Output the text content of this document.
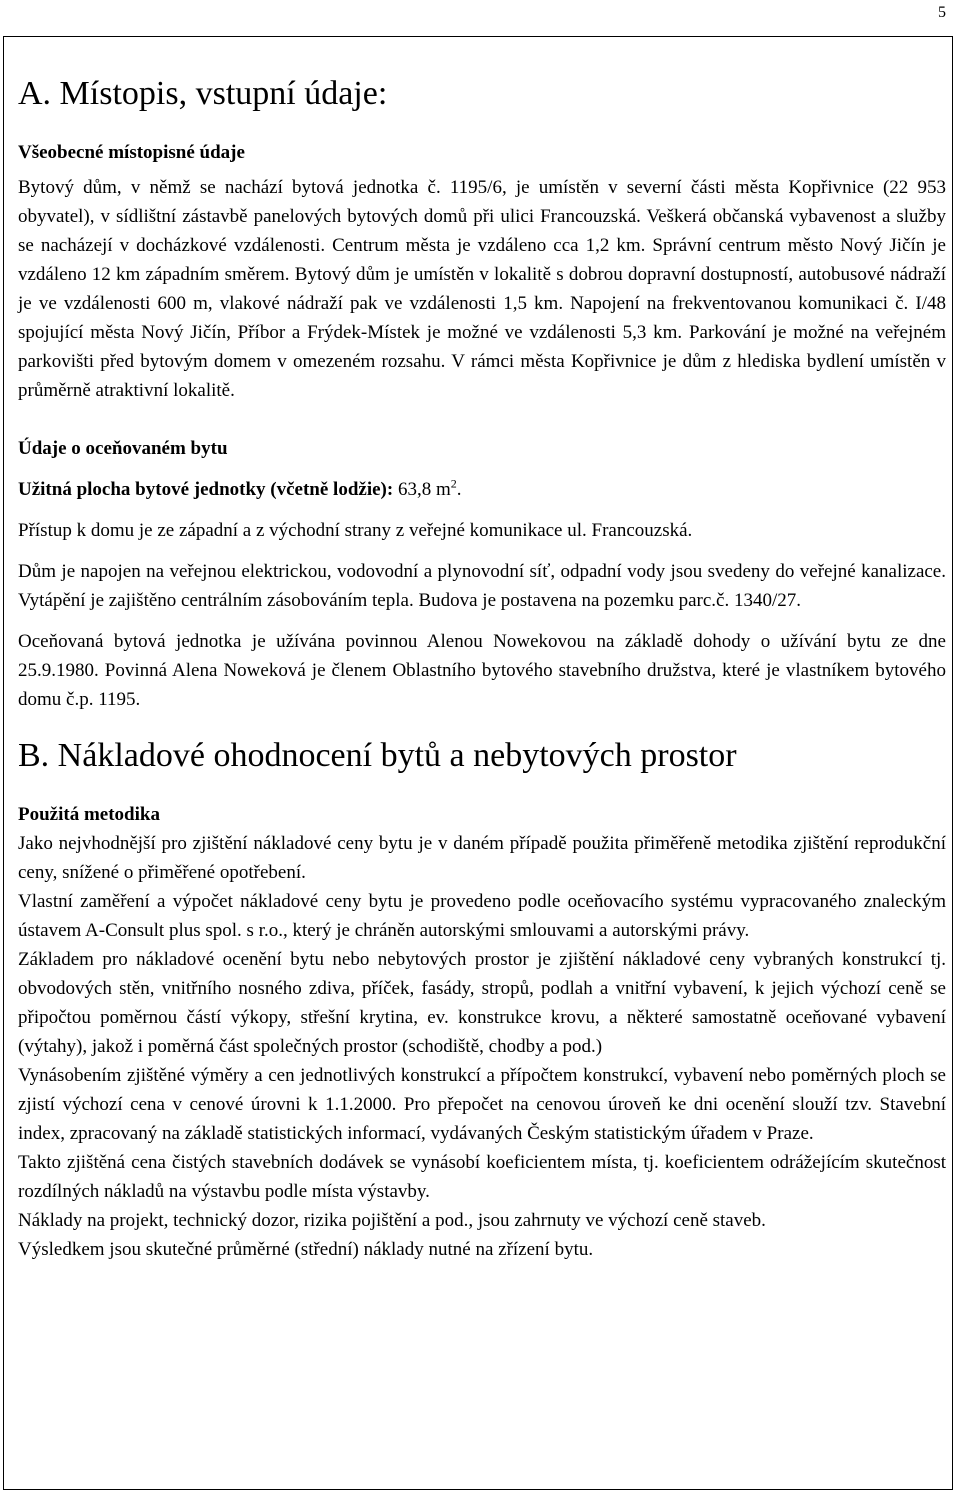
5
A. Místopis, vstupní údaje:

Všeobecné místopisné údaje

Bytový dům, v němž se nachází bytová jednotka č. 1195/6, je umístěn v severní části města Kopřivnice (22 953 obyvatel), v sídlištní zástavbě panelových bytových domů při ulici Francouzská. Veškerá občanská vybavenost a služby se nacházejí v docházkové vzdálenosti. Centrum města je vzdáleno cca 1,2 km. Správní centrum město Nový Jičín je vzdáleno 12 km západním směrem. Bytový dům je umístěn v lokalitě s dobrou dopravní dostupností, autobusové nádraží je ve vzdálenosti 600 m, vlakové nádraží pak ve vzdálenosti 1,5 km. Napojení na frekventovanou komunikaci č. I/48 spojující města Nový Jičín, Příbor a Frýdek-Místek je možné ve vzdálenosti 5,3 km. Parkování je možné na veřejném parkovišti před bytovým domem v omezeném rozsahu. V rámci města Kopřivnice je dům z hlediska bydlení umístěn v průměrně atraktivní lokalitě.

Údaje o oceňovaném bytu

Užitná plocha bytové jednotky (včetně lodžie): 63,8 $m^2$.

Přístup k domu je ze západní a z východní strany z veřejné komunikace ul. Francouzská.

Dům je napojen na veřejnou elektrickou, vodovodní a plynovodní síť, odpadní vody jsou svedeny do veřejné kanalizace. Vytápění je zajištěno centrálním zásobováním tepla. Budova je postavena na pozemku parc.č. 1340/27.

Oceňovaná bytová jednotka je užívána povinnou Alenou Nowekovou na základě dohody o užívání bytu ze dne 25.9.1980. Povinná Alena Noweková je členem Oblastního bytového stavebního družstva, které je vlastníkem bytového domu č.p. 1195.

B. Nákladové ohodnocení bytů a nebytových prostor

Použitá metodika

Jako nejvhodnější pro zjištění nákladové ceny bytu je v daném případě použita přiměřeně metodika zjištění reprodukční ceny, snížené o přiměřené opotřebení.

Vlastní zaměření a výpočet nákladové ceny bytu je provedeno podle oceňovacího systému vypracovaného znaleckým ústavem A-Consult plus spol. s r.o., který je chráněn autorskými smlouvami a autorskými právy.

Základem pro nákladové ocenění bytu nebo nebytových prostor je zjištění nákladové ceny vybraných konstrukcí tj. obvodových stěn, vnitřního nosného zdiva, příček, fasády, stropů, podlah a vnitřní vybavení, k jejich výchozí ceně se připočtou poměrnou částí výkopy, střešní krytina, ev. konstrukce krovu, a některé samostatně oceňované vybavení (výtahy), jakož i poměrná část společných prostor (schodiště, chodby a pod.)

Vynásobením zjištěné výměry a cen jednotlivých konstrukcí a přípočtem konstrukcí, vybavení nebo poměrných ploch se zjistí výchozí cena v cenové úrovni k 1.1.2000. Pro přepočet na cenovou úroveň ke dni ocenění slouží tzv. Stavební index, zpracovaný na základě statistických informací, vydávaných Českým statistickým úřadem v Praze.

Takto zjištěná cena čistých stavebních dodávek se vynásobí koeficientem místa, tj. koeficientem odrážejícím skutečnost rozdílných nákladů na výstavbu podle místa výstavby.

Náklady na projekt, technický dozor, rizika pojištění a pod., jsou zahrnuty ve výchozí ceně staveb.

Výsledkem jsou skutečné průměrné (střední) náklady nutné na zřízení bytu.
